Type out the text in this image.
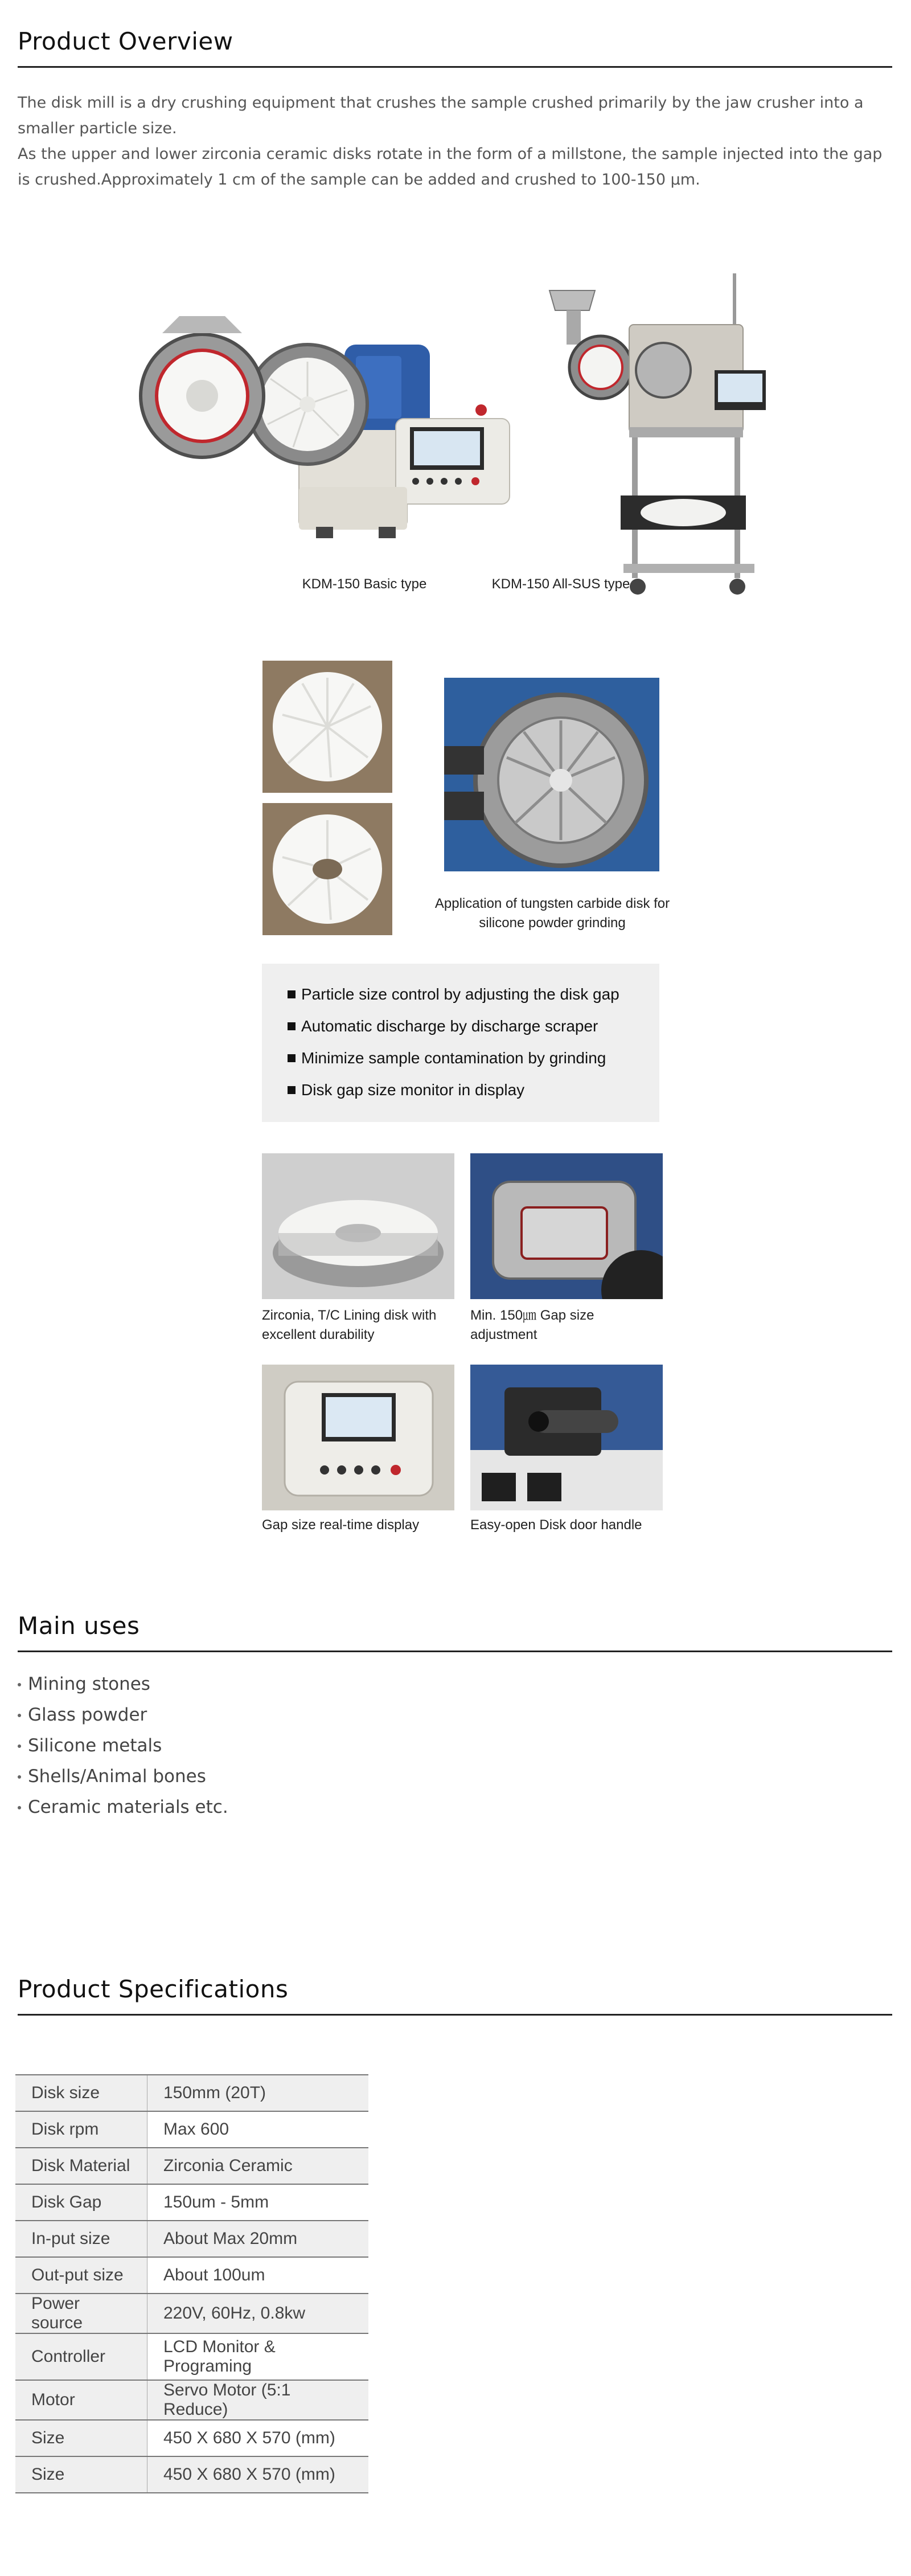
Product Overview

The disk mill is a dry crushing equipment that crushes the sample crushed primarily by the jaw crusher into a smaller particle size.

As the upper and lower zirconia ceramic disks rotate in the form of a millstone, the sample injected into the gap is crushed.Approximately 1 cm of the sample can be added and crushed to 100-150 μm.

KDM-150 Basic type	KDM-150 All-SUS type

Application of tungsten carbide disk for silicone powder grinding

Particle size control by adjusting the disk gap
Automatic discharge by discharge scraper
Minimize sample contamination by grinding
Disk gap size monitor in display

Zirconia, T/C Lining disk with excellent durability

Min. 150㎛ Gap size adjustment

Gap size real-time display	Easy-open Disk door handle

Main uses
Mining stones
Glass powder
Silicone metals
Shells/Animal bones
Ceramic materials etc.
Product Specifications
Disk size	150mm (20T)
Disk rpm	Max 600
Disk Material	Zirconia Ceramic
Disk Gap	150um - 5mm
In-put size	About Max 20mm
Out-put size	About 100um
Power source	220V, 60Hz, 0.8kw
Controller	LCD Monitor & Programing
Motor	Servo Motor (5:1 Reduce)
Size	450 X 680 X 570 (mm)
Size	450 X 680 X 570 (mm)
